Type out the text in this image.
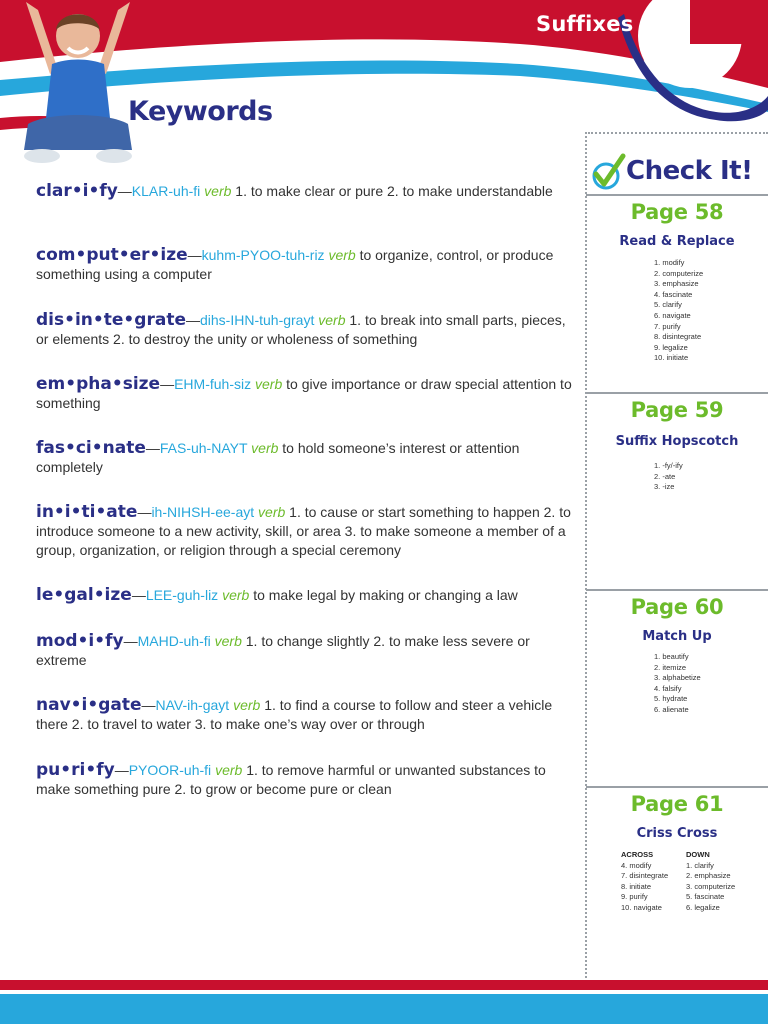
Suffixes
Keywords
clar•i•fy—KLAR-uh-fi verb 1. to make clear or pure 2. to make understandable
com•put•er•ize—kuhm-PYOO-tuh-riz verb to organize, control, or produce something using a computer
dis•in•te•grate—dihs-IHN-tuh-grayt verb 1. to break into small parts, pieces, or elements 2. to destroy the unity or wholeness of something
em•pha•size—EHM-fuh-siz verb to give importance or draw special attention to something
fas•ci•nate—FAS-uh-NAYT verb to hold someone’s interest or attention completely
in•i•ti•ate—ih-NIHSH-ee-ayt verb 1. to cause or start something to happen 2. to introduce someone to a new activity, skill, or area 3. to make someone a member of a group, organization, or religion through a special ceremony
le•gal•ize—LEE-guh-liz verb to make legal by making or changing a law
mod•i•fy—MAHD-uh-fi verb 1. to change slightly 2. to make less severe or extreme
nav•i•gate—NAV-ih-gayt verb 1. to find a course to follow and steer a vehicle there 2. to travel to water 3. to make one’s way over or through
pu•ri•fy—PYOOR-uh-fi verb 1. to remove harmful or unwanted substances to make something pure 2. to grow or become pure or clean
Check It!
Page 58
Read & Replace
1. modify
2. computerize
3. emphasize
4. fascinate
5. clarify
6. navigate
7. purify
8. disintegrate
9. legalize
10. initiate
Page 59
Suffix Hopscotch
1. -fy/-ify
2. -ate
3. -ize
Page 60
Match Up
1. beautify
2. itemize
3. alphabetize
4. falsify
5. hydrate
6. alienate
Page 61
Criss Cross
ACROSS
4. modify
7. disintegrate
8. initiate
9. purify
10. navigate
DOWN
1. clarify
2. emphasize
3. computerize
5. fascinate
6. legalize
